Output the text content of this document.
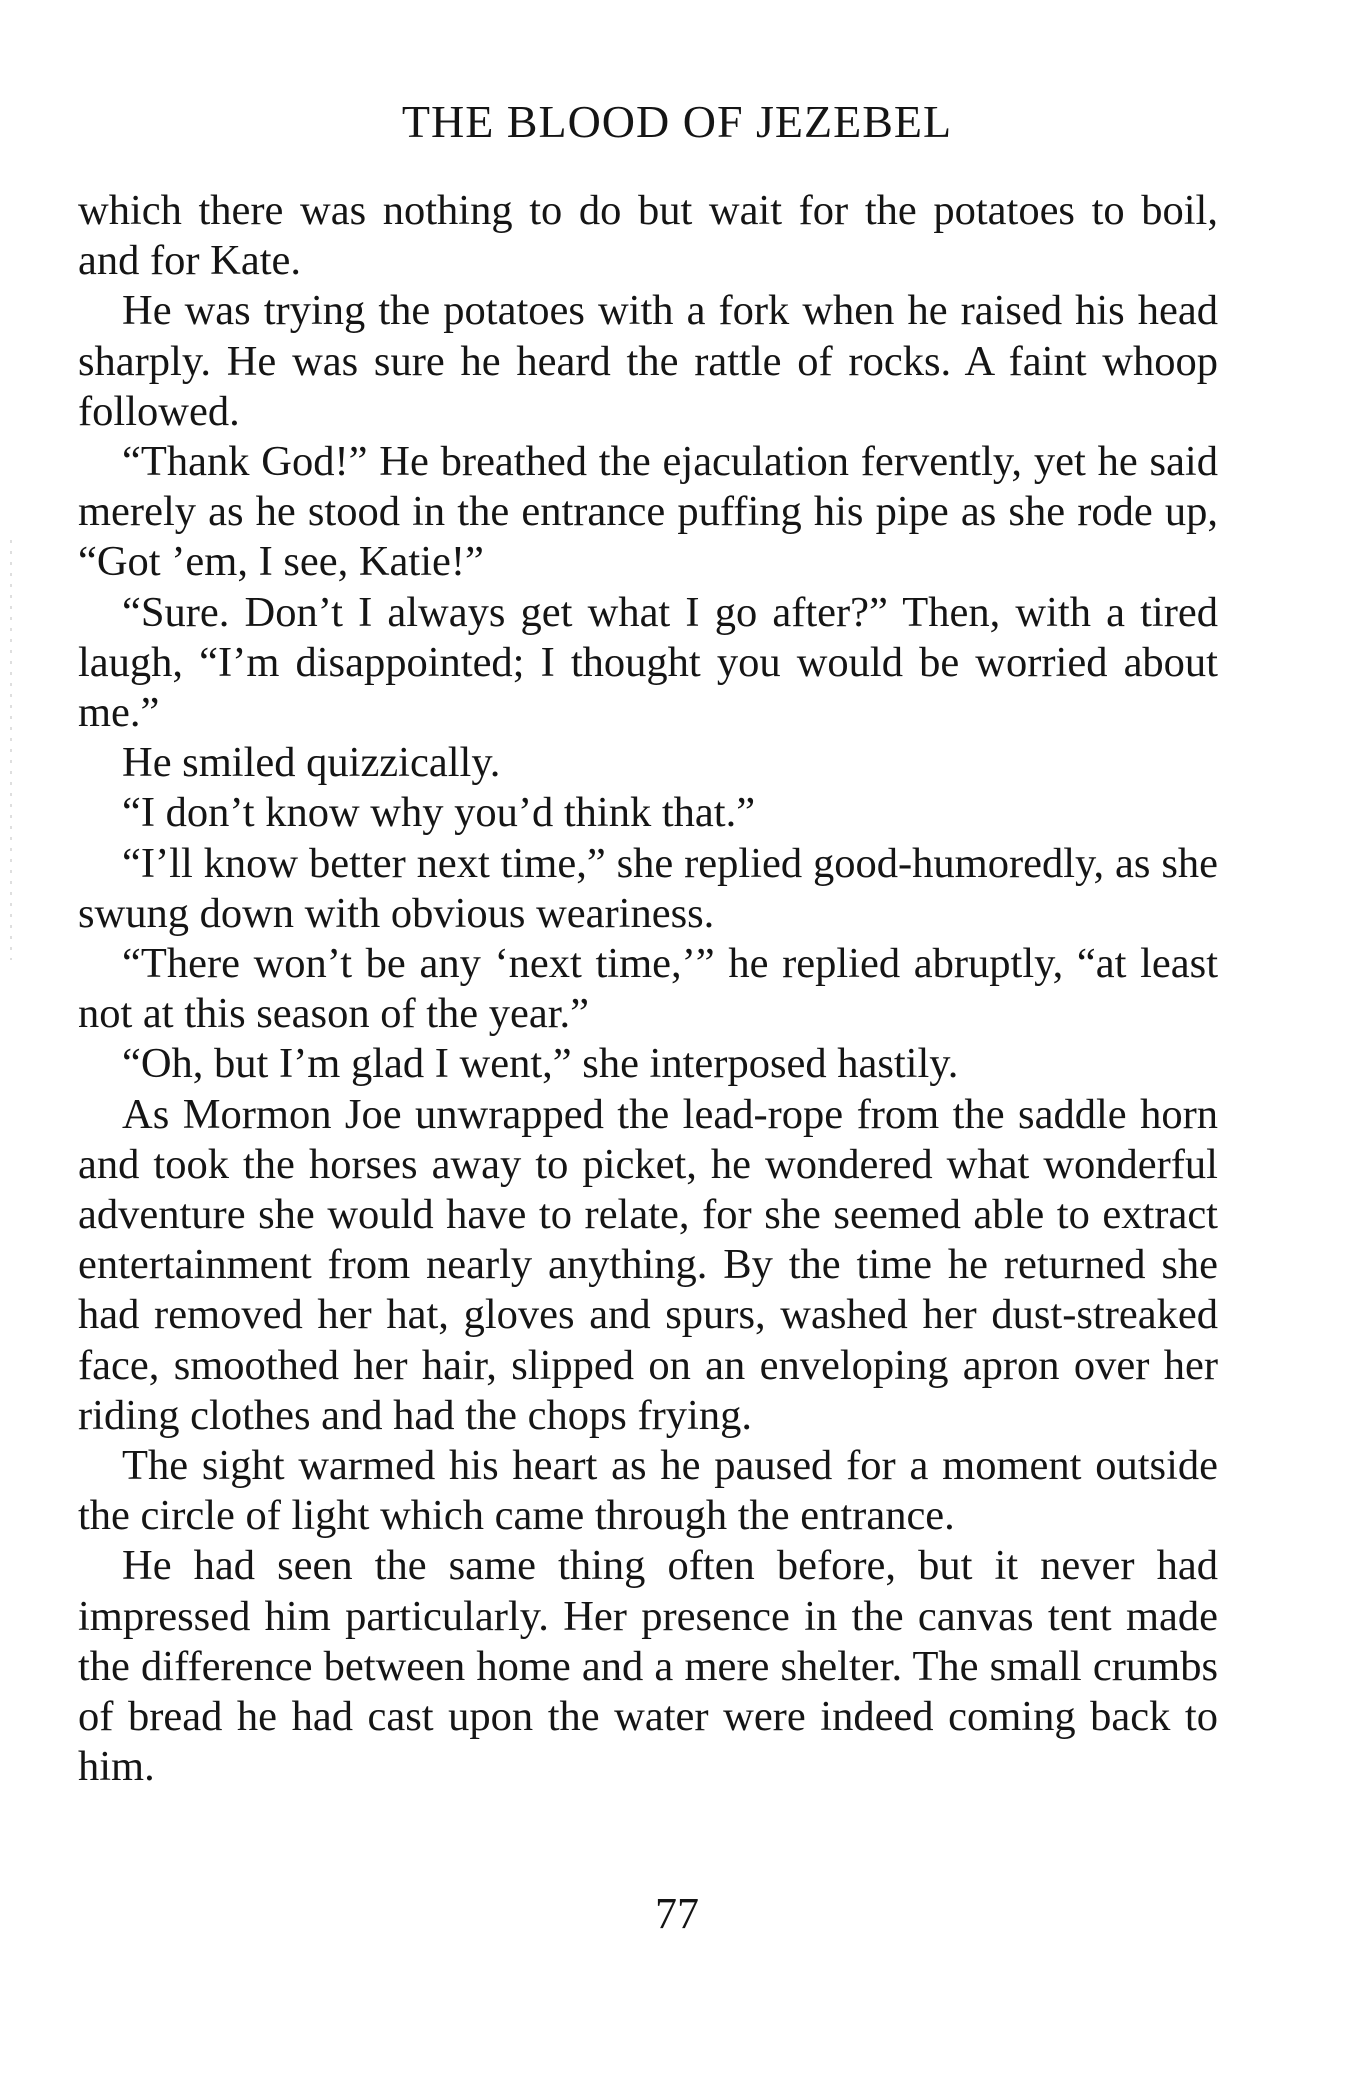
THE BLOOD OF JEZEBEL

which there was nothing to do but wait for the potatoes to boil, and for Kate.

He was trying the potatoes with a fork when he raised his head sharply. He was sure he heard the rattle of rocks. A faint whoop followed.

“Thank God!” He breathed the ejaculation fervently, yet he said merely as he stood in the entrance puffing his pipe as she rode up, “Got ’em, I see, Katie!”

“Sure. Don’t I always get what I go after?” Then, with a tired laugh, “I’m disappointed; I thought you would be worried about me.”

He smiled quizzically.

“I don’t know why you’d think that.”

“I’ll know better next time,” she replied good-humoredly, as she swung down with obvious weariness.

“There won’t be any ‘next time,’” he replied abruptly, “at least not at this season of the year.”

“Oh, but I’m glad I went,” she interposed hastily.

As Mormon Joe unwrapped the lead-rope from the saddle horn and took the horses away to picket, he wondered what wonderful adventure she would have to relate, for she seemed able to extract entertainment from nearly anything. By the time he returned she had removed her hat, gloves and spurs, washed her dust-streaked face, smoothed her hair, slipped on an enveloping apron over her riding clothes and had the chops frying.

The sight warmed his heart as he paused for a moment outside the circle of light which came through the entrance.

He had seen the same thing often before, but it never had impressed him particularly. Her presence in the canvas tent made the difference between home and a mere shelter. The small crumbs of bread he had cast upon the water were indeed coming back to him.

77
